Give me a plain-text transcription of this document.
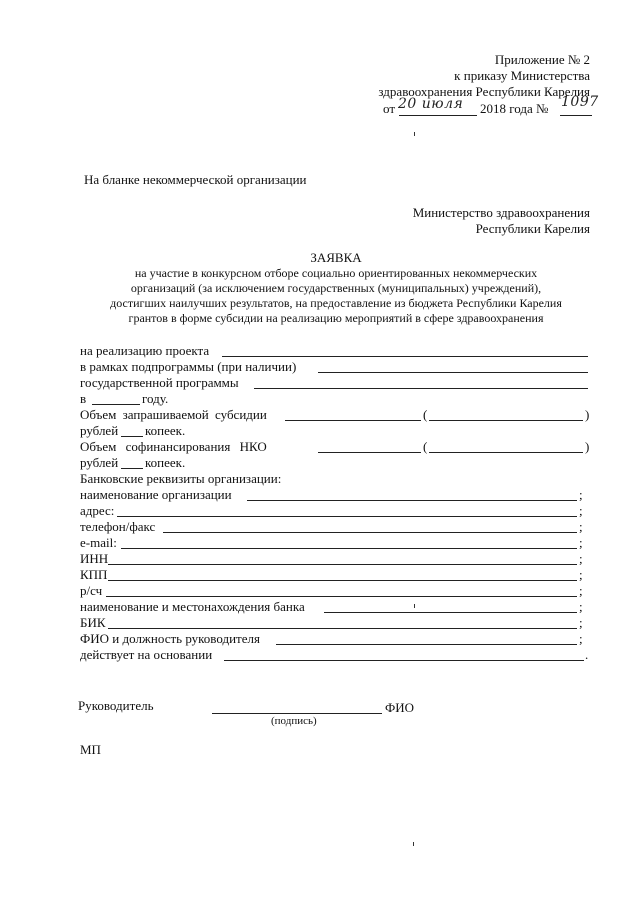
Приложение № 2
к приказу Министерства
здравоохранения Республики Карелия
от 20 июля 2018 года № 1097
На бланке некоммерческой организации
Министерство здравоохранения
Республики Карелия
ЗАЯВКА
на участие в конкурсном отборе социально ориентированных некоммерческих
организаций (за исключением государственных (муниципальных) учреждений),
достигших наилучших результатов, на предоставление из бюджета Республики Карелия
грантов в форме субсидии на реализацию мероприятий в сфере здравоохранения
на реализацию проекта
в рамках подпрограммы (при наличии)
государственной программы
в	году.
Объем запрашиваемой субсидии	(	)
рублей копеек.
Объем софинансирования НКО	(	)
рублей копеек.
Банковские реквизиты организации:
наименование организации	;
адрес:	;
телефон/факс	;
e-mail:	;
ИНН	;
КПП	;
р/сч	;
наименование и местонахождения банка	;
БИК	;
ФИО и должность руководителя	;
действует на основании	.
Руководитель	ФИО
(подпись)
МП
